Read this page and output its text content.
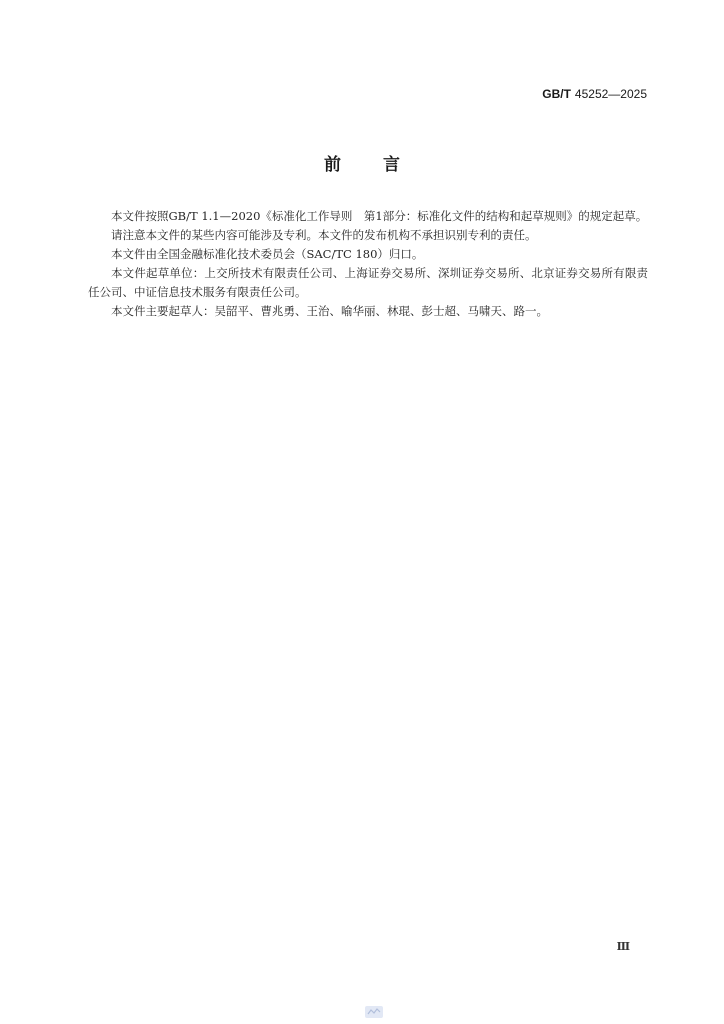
GB/T 45252—2025
前言

本文件按照GB/T 1.1—2020《标准化工作导则　第1部分：标准化文件的结构和起草规则》的规定起草。

请注意本文件的某些内容可能涉及专利。本文件的发布机构不承担识别专利的责任。

本文件由全国金融标准化技术委员会（SAC/TC 180）归口。

本文件起草单位：上交所技术有限责任公司、上海证券交易所、深圳证券交易所、北京证券交易所有限责任公司、中证信息技术服务有限责任公司。

本文件主要起草人：吴韶平、曹兆勇、王治、喻华丽、林琨、彭士超、马啸天、路一。

Ⅲ
